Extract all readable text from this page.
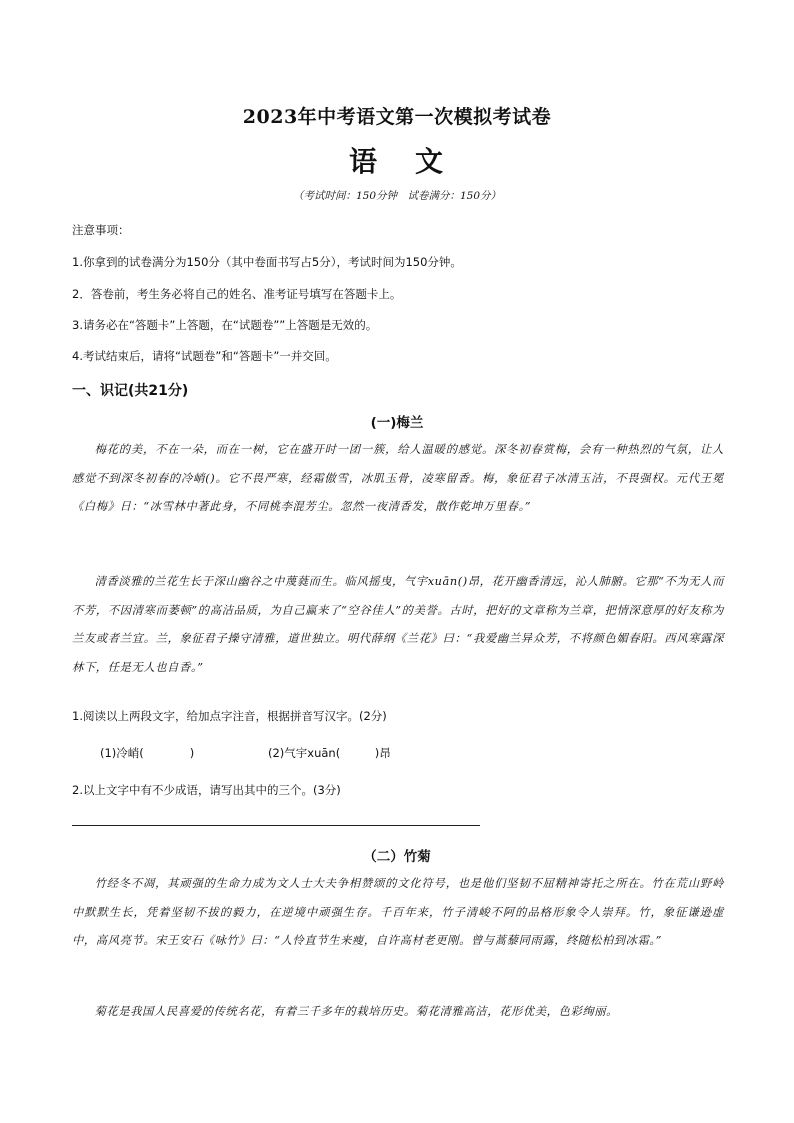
2023年中考语文第一次模拟考试卷
语 文
（考试时间：150分钟　试卷满分：150分）
注意事项：
1.你拿到的试卷满分为150分（其中卷面书写占5分），考试时间为150分钟。
2．答卷前，考生务必将自己的姓名、准考证号填写在答题卡上。
3.请务必在“答题卡”上答题，在“试题卷””上答题是无效的。
4.考试结束后，请将“试题卷”和“答题卡”一并交回。
一、识记(共21分)
(一)梅兰
梅花的美，不在一朵，而在一树，它在盛开时一团一簇，给人温暖的感觉。深冬初春赏梅，会有一种热烈的气氛，让人感觉不到深冬初春的冷峭()。它不畏严寒，经霜傲雪，冰肌玉骨，凌寒留香。梅，象征君子冰清玉洁，不畏强权。元代王冕《白梅》日：“冰雪林中著此身，不同桃李混芳尘。忽然一夜清香发，散作乾坤万里春。”
清香淡雅的兰花生长于深山幽谷之中蔑蕤而生。临风摇曳，气宇xuān()昂，花开幽香清远，沁人肺腑。它那“不为无人而不芳，不因清寒而萎顿”的高洁品质，为自己赢来了“空谷佳人”的美誉。古时，把好的文章称为兰章，把情深意厚的好友称为兰友或者兰宜。兰，象征君子操守清雅，道世独立。明代薛纲《兰花》曰：“我爱幽兰异众芳，不将颜色媚春阳。西风寒露深林下，任是无人也自香。”
1.阅读以上两段文字，给加点字注音，根据拼音写汉字。(2分)
(1)冷峭(　　　　)	(2)气宇xuān(　　　)昂
2.以上文字中有不少成语，请写出其中的三个。(3分)
（二）竹菊
竹经冬不凋，其顽强的生命力成为文人士大夫争相赞颂的文化符号，也是他们坚韧不屈精神寄托之所在。竹在荒山野岭中默默生长，凭着坚韧不拔的毅力，在逆境中顽强生存。千百年来，竹子清峻不阿的品格形象令人崇拜。竹，象征谦逊虚中，高风亮节。宋王安石《咏竹》曰：“人怜直节生来瘦，自许高材老更刚。曾与蒿藜同雨露，终随松柏到冰霜。”
菊花是我国人民喜爱的传统名花，有着三千多年的栽培历史。菊花清雅高洁，花形优美，色彩绚丽。
